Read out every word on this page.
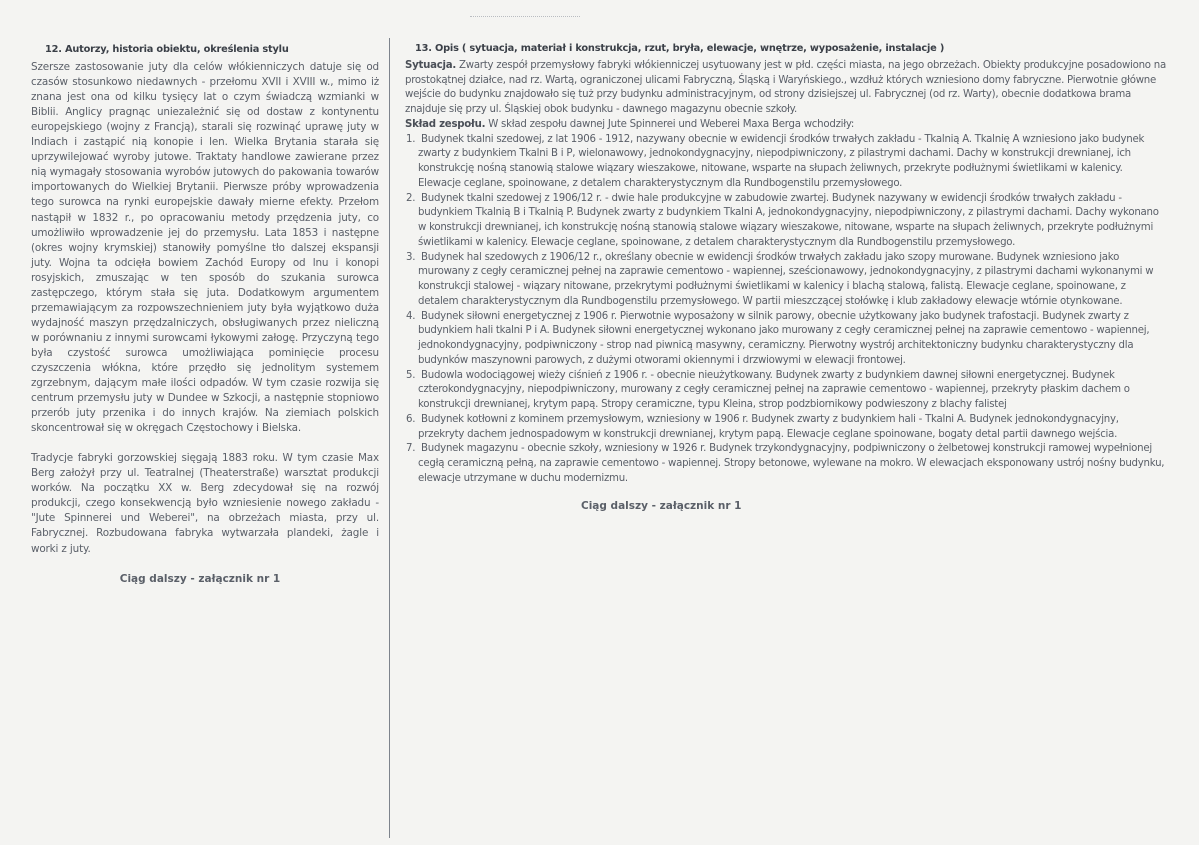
12. Autorzy, historia obiektu, określenia stylu

Szersze zastosowanie juty dla celów włókienniczych datuje się od czasów stosunkowo niedawnych - przełomu XVII i XVIII w., mimo iż znana jest ona od kilku tysięcy lat o czym świadczą wzmianki w Biblii. Anglicy pragnąc uniezależnić się od dostaw z kontynentu europejskiego (wojny z Francją), starali się rozwinąć uprawę juty w Indiach i zastąpić nią konopie i len. Wielka Brytania starała się uprzywilejować wyroby jutowe. Traktaty handlowe zawierane przez nią wymagały stosowania wyrobów jutowych do pakowania towarów importowanych do Wielkiej Brytanii. Pierwsze próby wprowadzenia tego surowca na rynki europejskie dawały mierne efekty. Przełom nastąpił w 1832 r., po opracowaniu metody przędzenia juty, co umożliwiło wprowadzenie jej do przemysłu. Lata 1853 i następne (okres wojny krymskiej) stanowiły pomyślne tło dalszej ekspansji juty. Wojna ta odcięła bowiem Zachód Europy od lnu i konopi rosyjskich, zmuszając w ten sposób do szukania surowca zastępczego, którym stała się juta. Dodatkowym argumentem przemawiającym za rozpowszechnieniem juty była wyjątkowo duża wydajność maszyn przędzalniczych, obsługiwanych przez nieliczną w porównaniu z innymi surowcami łykowymi załogę. Przyczyną tego była czystość surowca umożliwiająca pominięcie procesu czyszczenia włókna, które przędło się jednolitym systemem zgrzebnym, dającym małe ilości odpadów. W tym czasie rozwija się centrum przemysłu juty w Dundee w Szkocji, a następnie stopniowo przerób juty przenika i do innych krajów. Na ziemiach polskich skoncentrował się w okręgach Częstochowy i Bielska.

Tradycje fabryki gorzowskiej sięgają 1883 roku. W tym czasie Max Berg założył przy ul. Teatralnej (Theaterstraße) warsztat produkcji worków. Na początku XX w. Berg zdecydował się na rozwój produkcji, czego konsekwencją było wzniesienie nowego zakładu - "Jute Spinnerei und Weberei", na obrzeżach miasta, przy ul. Fabrycznej. Rozbudowana fabryka wytwarzała plandeki, żagle i worki z juty.

Ciąg dalszy - załącznik nr 1
13. Opis ( sytuacja, materiał i konstrukcja, rzut, bryła, elewacje, wnętrze, wyposażenie, instalacje )

Sytuacja. Zwarty zespół przemysłowy fabryki włókienniczej usytuowany jest w płd. części miasta, na jego obrzeżach. Obiekty produkcyjne posadowiono na prostokątnej działce, nad rz. Wartą, ograniczonej ulicami Fabryczną, Śląską i Waryńskiego., wzdłuż których wzniesiono domy fabryczne. Pierwotnie główne wejście do budynku znajdowało się tuż przy budynku administracyjnym, od strony dzisiejszej ul. Fabrycznej (od rz. Warty), obecnie dodatkowa brama znajduje się przy ul. Śląskiej obok budynku - dawnego magazynu obecnie szkoły.

Skład zespołu. W skład zespołu dawnej Jute Spinnerei und Weberei Maxa Berga wchodziły:

1. Budynek tkalni szedowej, z lat 1906 - 1912, nazywany obecnie w ewidencji środków trwałych zakładu - Tkalnią A. Tkalnię A wzniesiono jako budynek zwarty z budynkiem Tkalni B i P, wielonawowy, jednokondygnacyjny, niepodpiwniczony, z pilastrymi dachami. Dachy w konstrukcji drewnianej, ich konstrukcję nośną stanowią stalowe wiązary wieszakowe, nitowane, wsparte na słupach żeliwnych, przekryte podłużnymi świetlikami w kalenicy. Elewacje ceglane, spoinowane, z detalem charakterystycznym dla Rundbogenstilu przemysłowego.
2. Budynek tkalni szedowej z 1906/12 r. - dwie hale produkcyjne w zabudowie zwartej. Budynek nazywany w ewidencji środków trwałych zakładu - budynkiem Tkalnią B i Tkalnią P. Budynek zwarty z budynkiem Tkalni A, jednokondygnacyjny, niepodpiwniczony, z pilastrymi dachami. Dachy wykonano w konstrukcji drewnianej, ich konstrukcję nośną stanowią stalowe wiązary wieszakowe, nitowane, wsparte na słupach żeliwnych, przekryte podłużnymi świetlikami w kalenicy. Elewacje ceglane, spoinowane, z detalem charakterystycznym dla Rundbogenstilu przemysłowego.
3. Budynek hal szedowych z 1906/12 r., określany obecnie w ewidencji środków trwałych zakładu jako szopy murowane. Budynek wzniesiono jako murowany z cegły ceramicznej pełnej na zaprawie cementowo - wapiennej, sześcionawowy, jednokondygnacyjny, z pilastrymi dachami wykonanymi w konstrukcji stalowej - wiązary nitowane, przekrytymi podłużnymi świetlikami w kalenicy i blachą stalową, falistą. Elewacje ceglane, spoinowane, z detalem charakterystycznym dla Rundbogenstilu przemysłowego. W partii mieszczącej stołówkę i klub zakładowy elewacje wtórnie otynkowane.
4. Budynek siłowni energetycznej z 1906 r. Pierwotnie wyposażony w silnik parowy, obecnie użytkowany jako budynek trafostacji. Budynek zwarty z budynkiem hali tkalni P i A. Budynek siłowni energetycznej wykonano jako murowany z cegły ceramicznej pełnej na zaprawie cementowo - wapiennej, jednokondygnacyjny, podpiwniczony - strop nad piwnicą masywny, ceramiczny. Pierwotny wystrój architektoniczny budynku charakterystyczny dla budynków maszynowni parowych, z dużymi otworami okiennymi i drzwiowymi w elewacji frontowej.
5. Budowla wodociągowej wieży ciśnień z 1906 r. - obecnie nieużytkowany. Budynek zwarty z budynkiem dawnej siłowni energetycznej. Budynek czterokondygnacyjny, niepodpiwniczony, murowany z cegły ceramicznej pełnej na zaprawie cementowo - wapiennej, przekryty płaskim dachem o konstrukcji drewnianej, krytym papą. Stropy ceramiczne, typu Kleina, strop podzbiornikowy podwieszony z blachy falistej
6. Budynek kotłowni z kominem przemysłowym, wzniesiony w 1906 r. Budynek zwarty z budynkiem hali - Tkalni A. Budynek jednokondygnacyjny, przekryty dachem jednospadowym w konstrukcji drewnianej, krytym papą. Elewacje ceglane spoinowane, bogaty detal partii dawnego wejścia.
7. Budynek magazynu - obecnie szkoły, wzniesiony w 1926 r. Budynek trzykondygnacyjny, podpiwniczony o żelbetowej konstrukcji ramowej wypełnionej cegłą ceramiczną pełną, na zaprawie cementowo - wapiennej. Stropy betonowe, wylewane na mokro. W elewacjach eksponowany ustrój nośny budynku, elewacje utrzymane w duchu modernizmu.
Ciąg dalszy - załącznik nr 1
